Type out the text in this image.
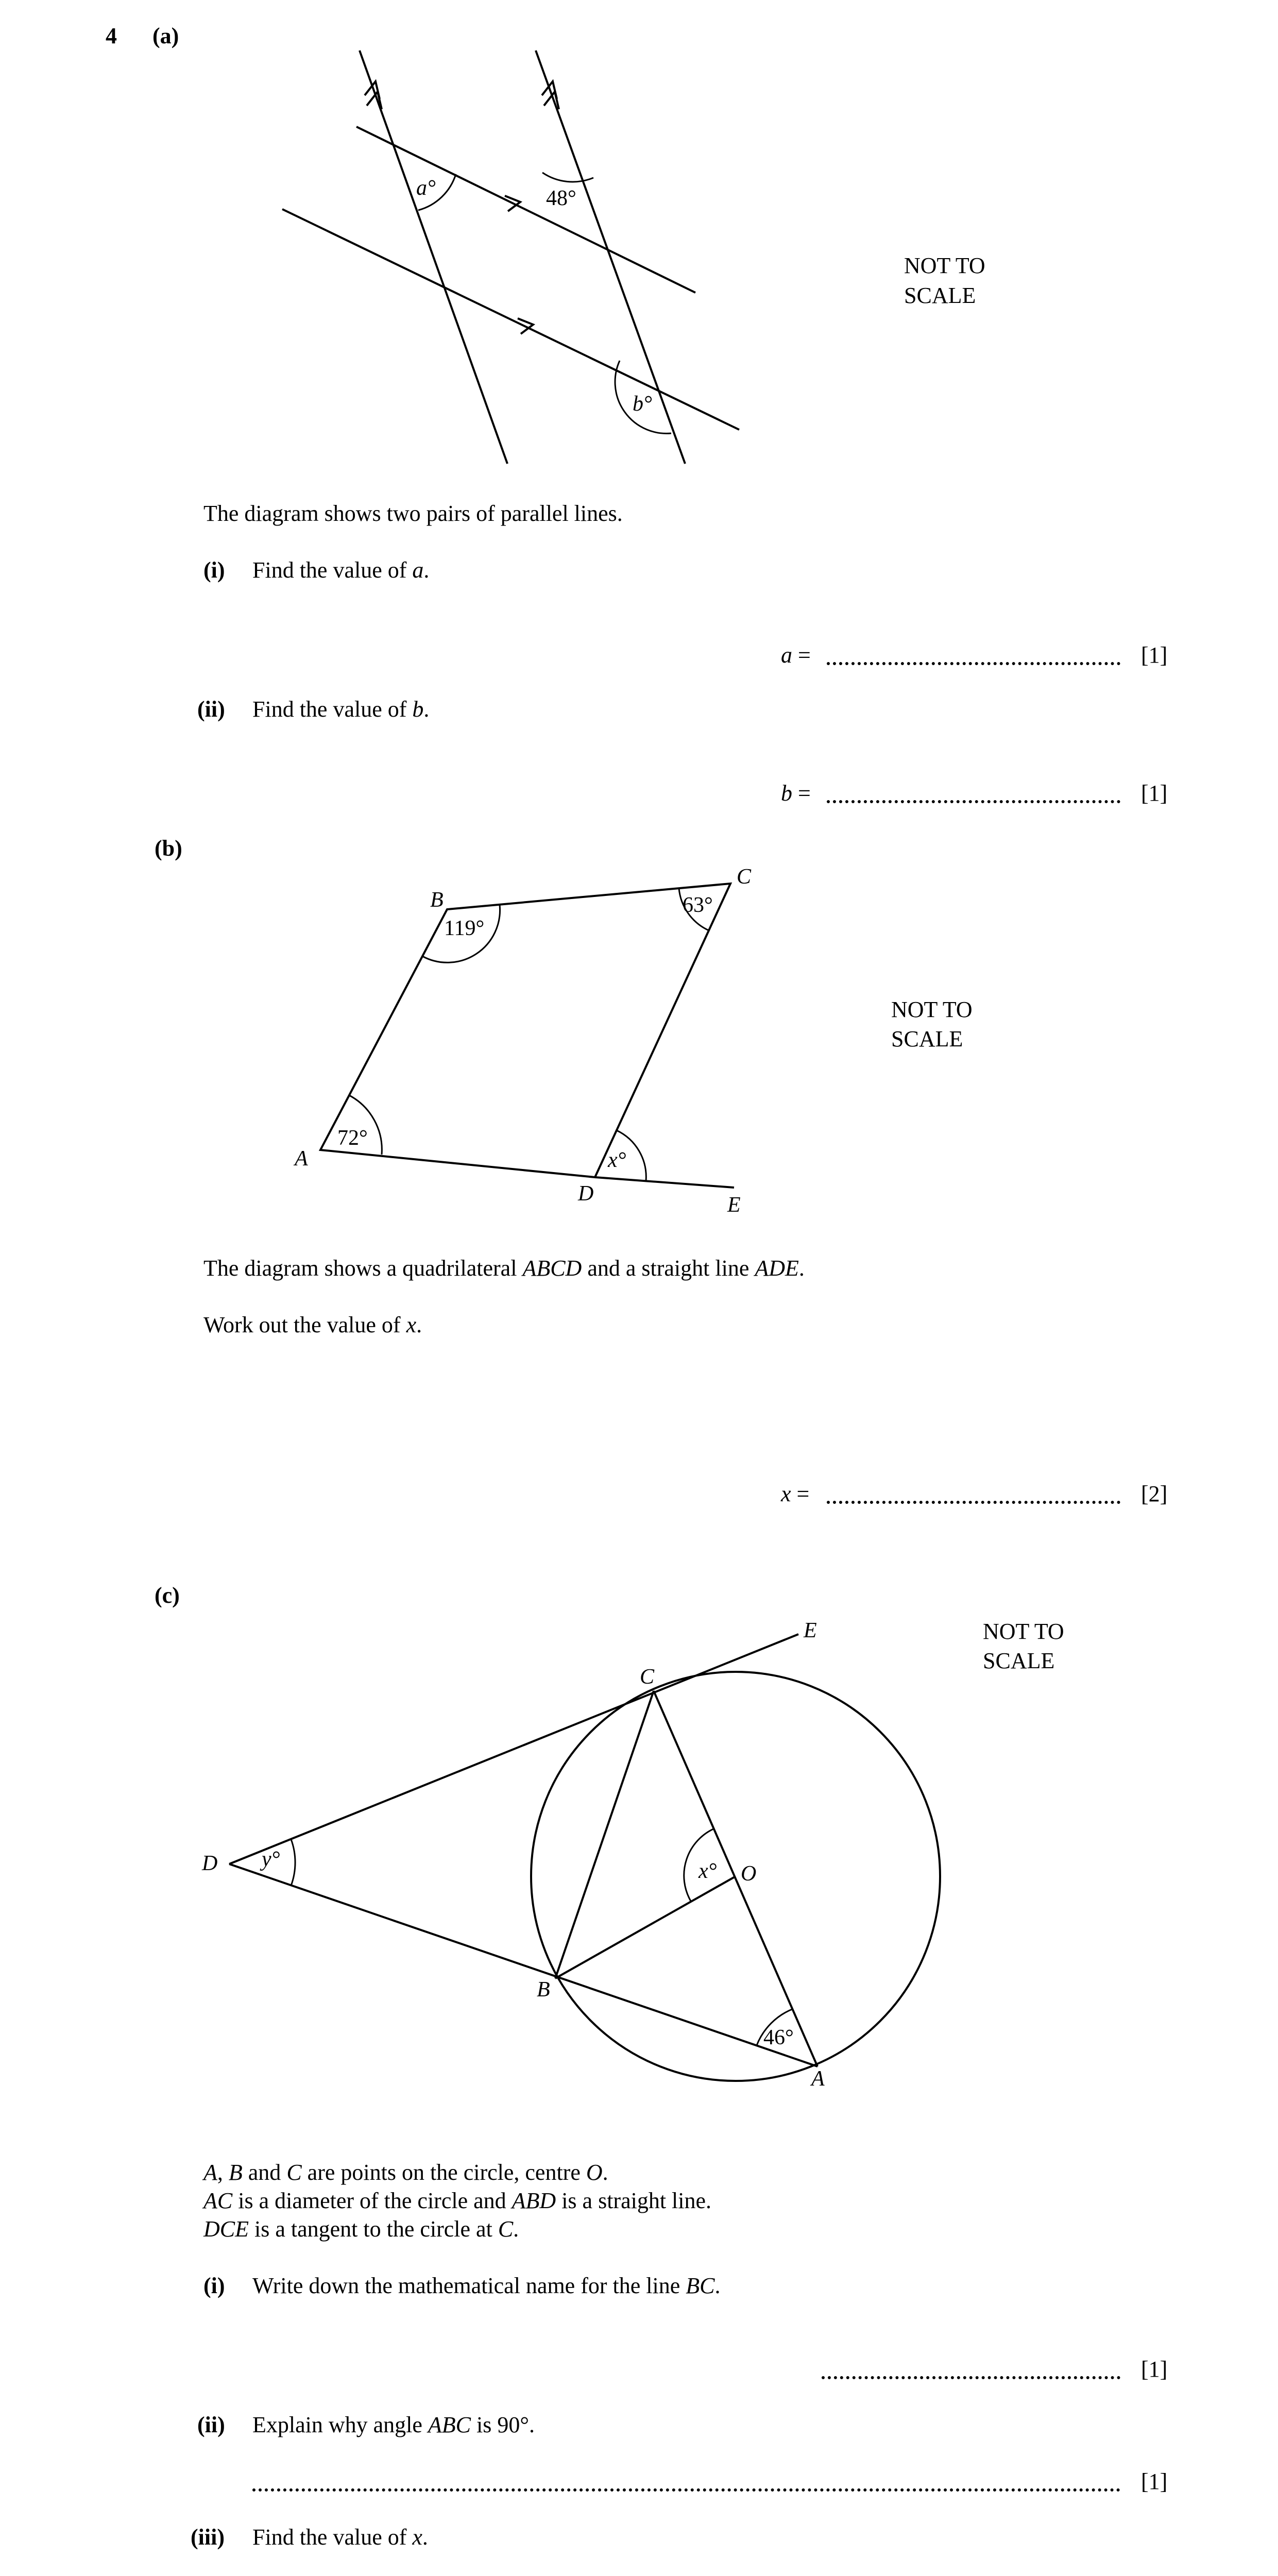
4 (a)
a°	48°
b°
NOT TO
SCALE
The diagram shows two pairs of parallel lines.
(i) Find the value of a.
a =	[1]
(ii) Find the value of b.
b =	[1]
(b)
A
B
C
D	E
119°
63°
72°
x°
NOT TO
SCALE
The diagram shows a quadrilateral ABCD and a straight line ADE.
Work out the value of x.
x =	[2]
(c)
D
E
C
O
B
A
y°	x°
46°
NOT TO
SCALE
A, B and C are points on the circle, centre O.
AC is a diameter of the circle and ABD is a straight line.
DCE is a tangent to the circle at C.
(i) Write down the mathematical name for the line BC.
[1]
(ii) Explain why angle ABC is 90°.
[1]
(iii) Find the value of x.
